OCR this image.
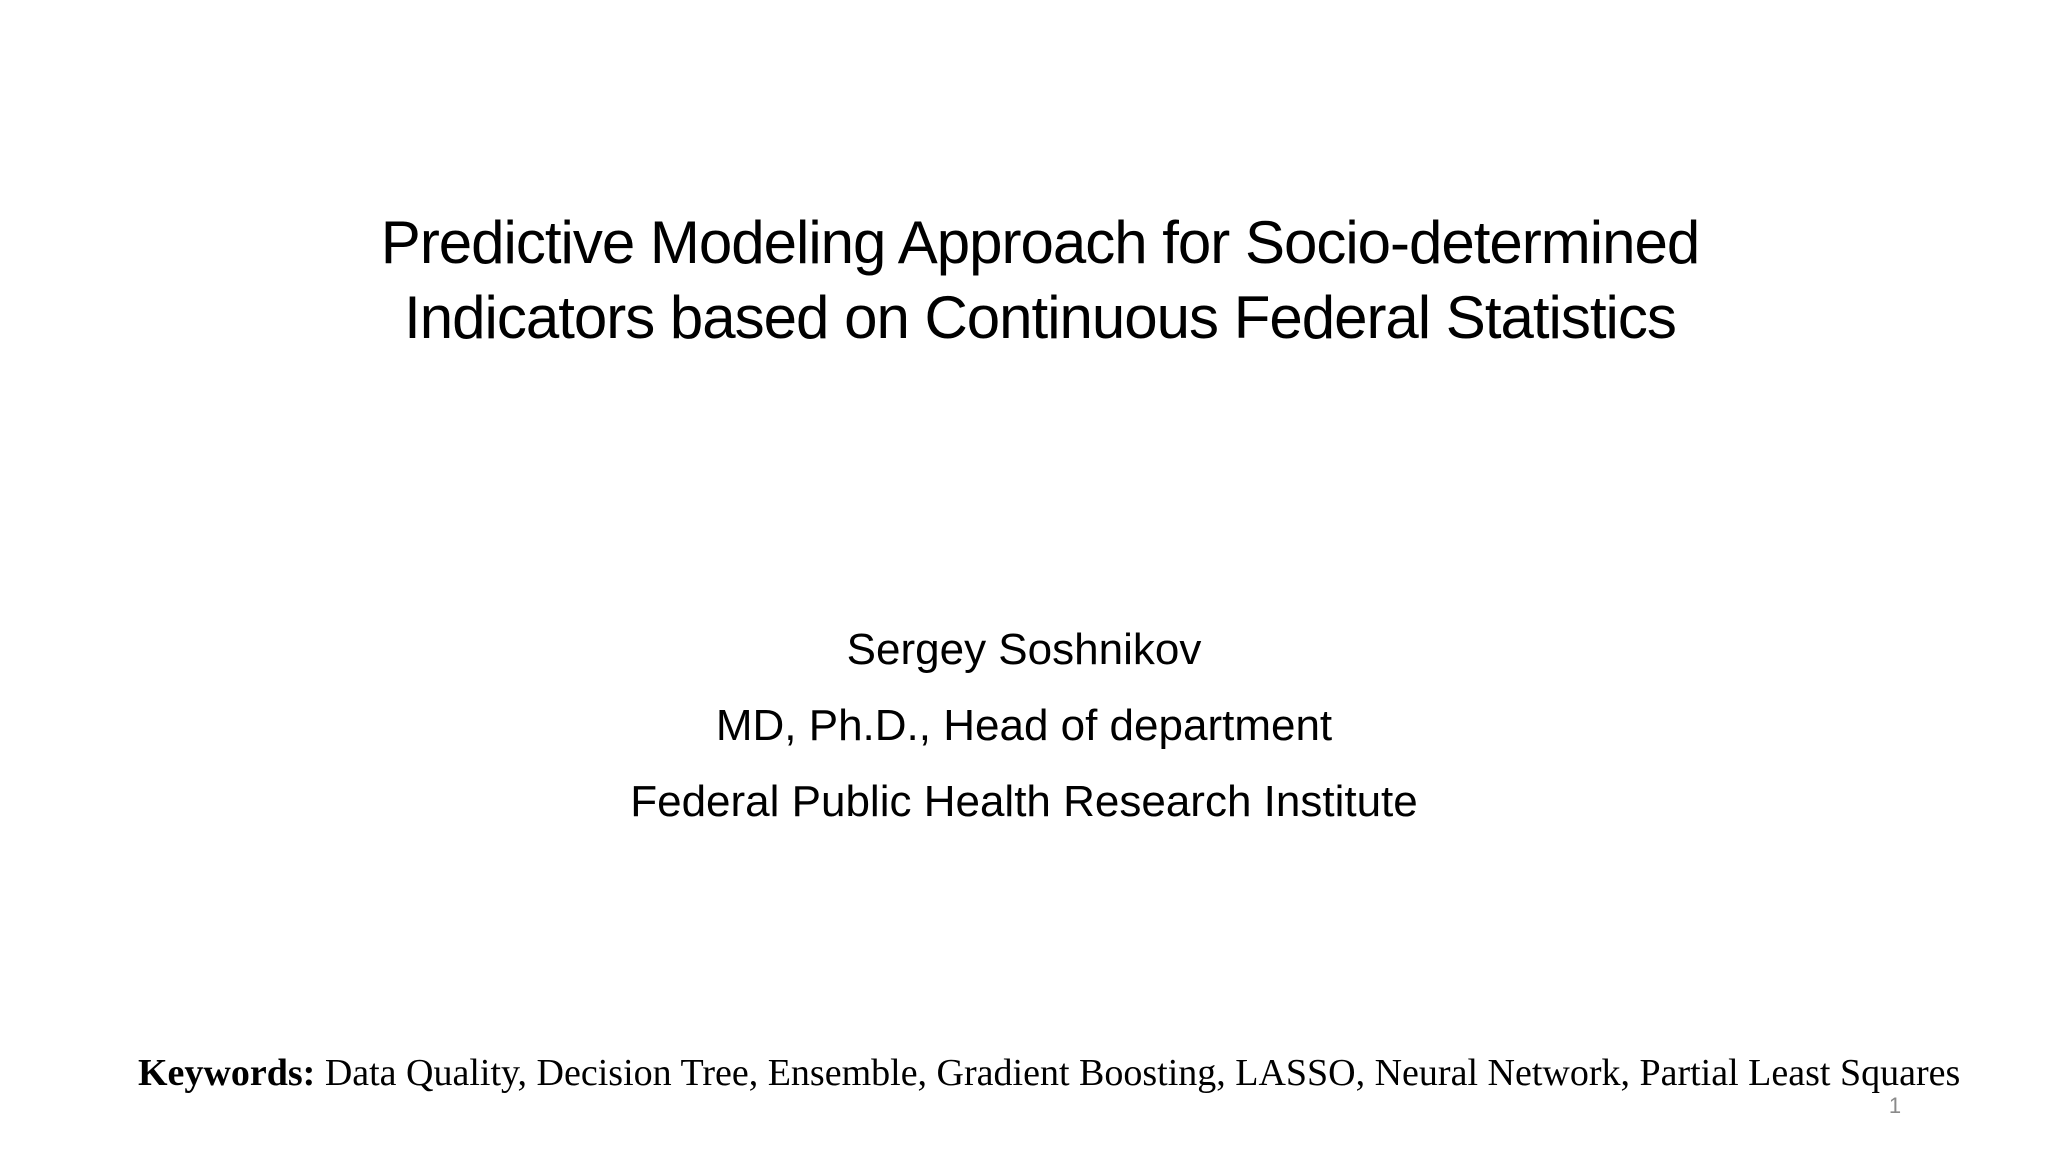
Predictive Modeling Approach for Socio-determined
Indicators based on Continuous Federal Statistics
Sergey Soshnikov
MD, Ph.D., Head of department
Federal Public Health Research Institute
Keywords: Data Quality, Decision Tree, Ensemble, Gradient Boosting, LASSO, Neural Network, Partial Least Squares
1
